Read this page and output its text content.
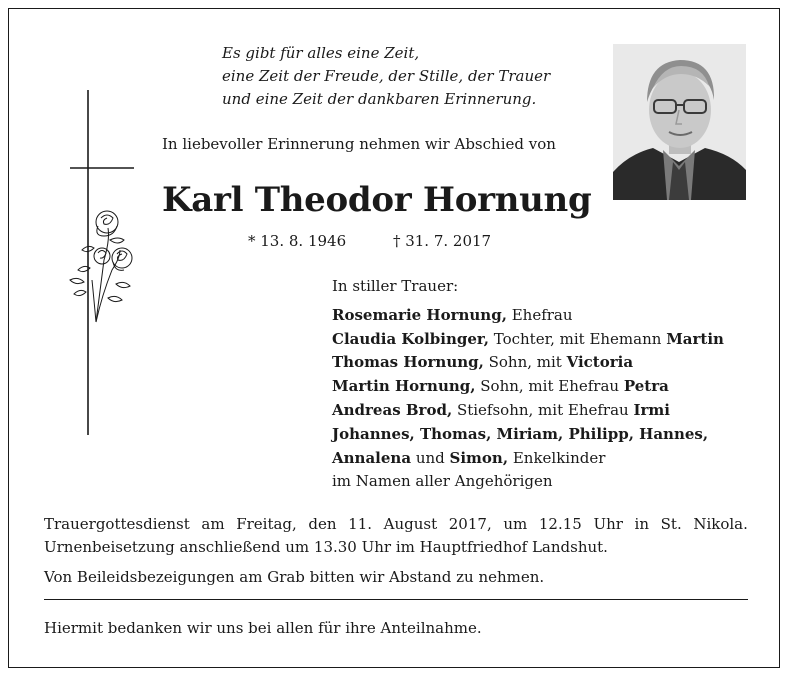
Es gibt für alles eine Zeit,
eine Zeit der Freude, der Stille, der Trauer
und eine Zeit der dankbaren Erinnerung.
In liebevoller Erinnerung nehmen wir Abschied von
Karl Theodor Hornung
* 13. 8. 1946	† 31. 7. 2017
In stiller Trauer:
Rosemarie Hornung, Ehefrau
Claudia Kolbinger, Tochter, mit Ehemann Martin
Thomas Hornung, Sohn, mit Victoria
Martin Hornung, Sohn, mit Ehefrau Petra
Andreas Brod, Stiefsohn, mit Ehefrau Irmi
Johannes, Thomas, Miriam, Philipp, Hannes,
Annalena und Simon, Enkelkinder
im Namen aller Angehörigen
Trauergottesdienst am Freitag, den 11. August 2017, um 12.15 Uhr in St. Nikola.
Urnenbeisetzung anschließend um 13.30 Uhr im Hauptfriedhof Landshut.
Von Beileidsbezeigungen am Grab bitten wir Abstand zu nehmen.
Hiermit bedanken wir uns bei allen für ihre Anteilnahme.
